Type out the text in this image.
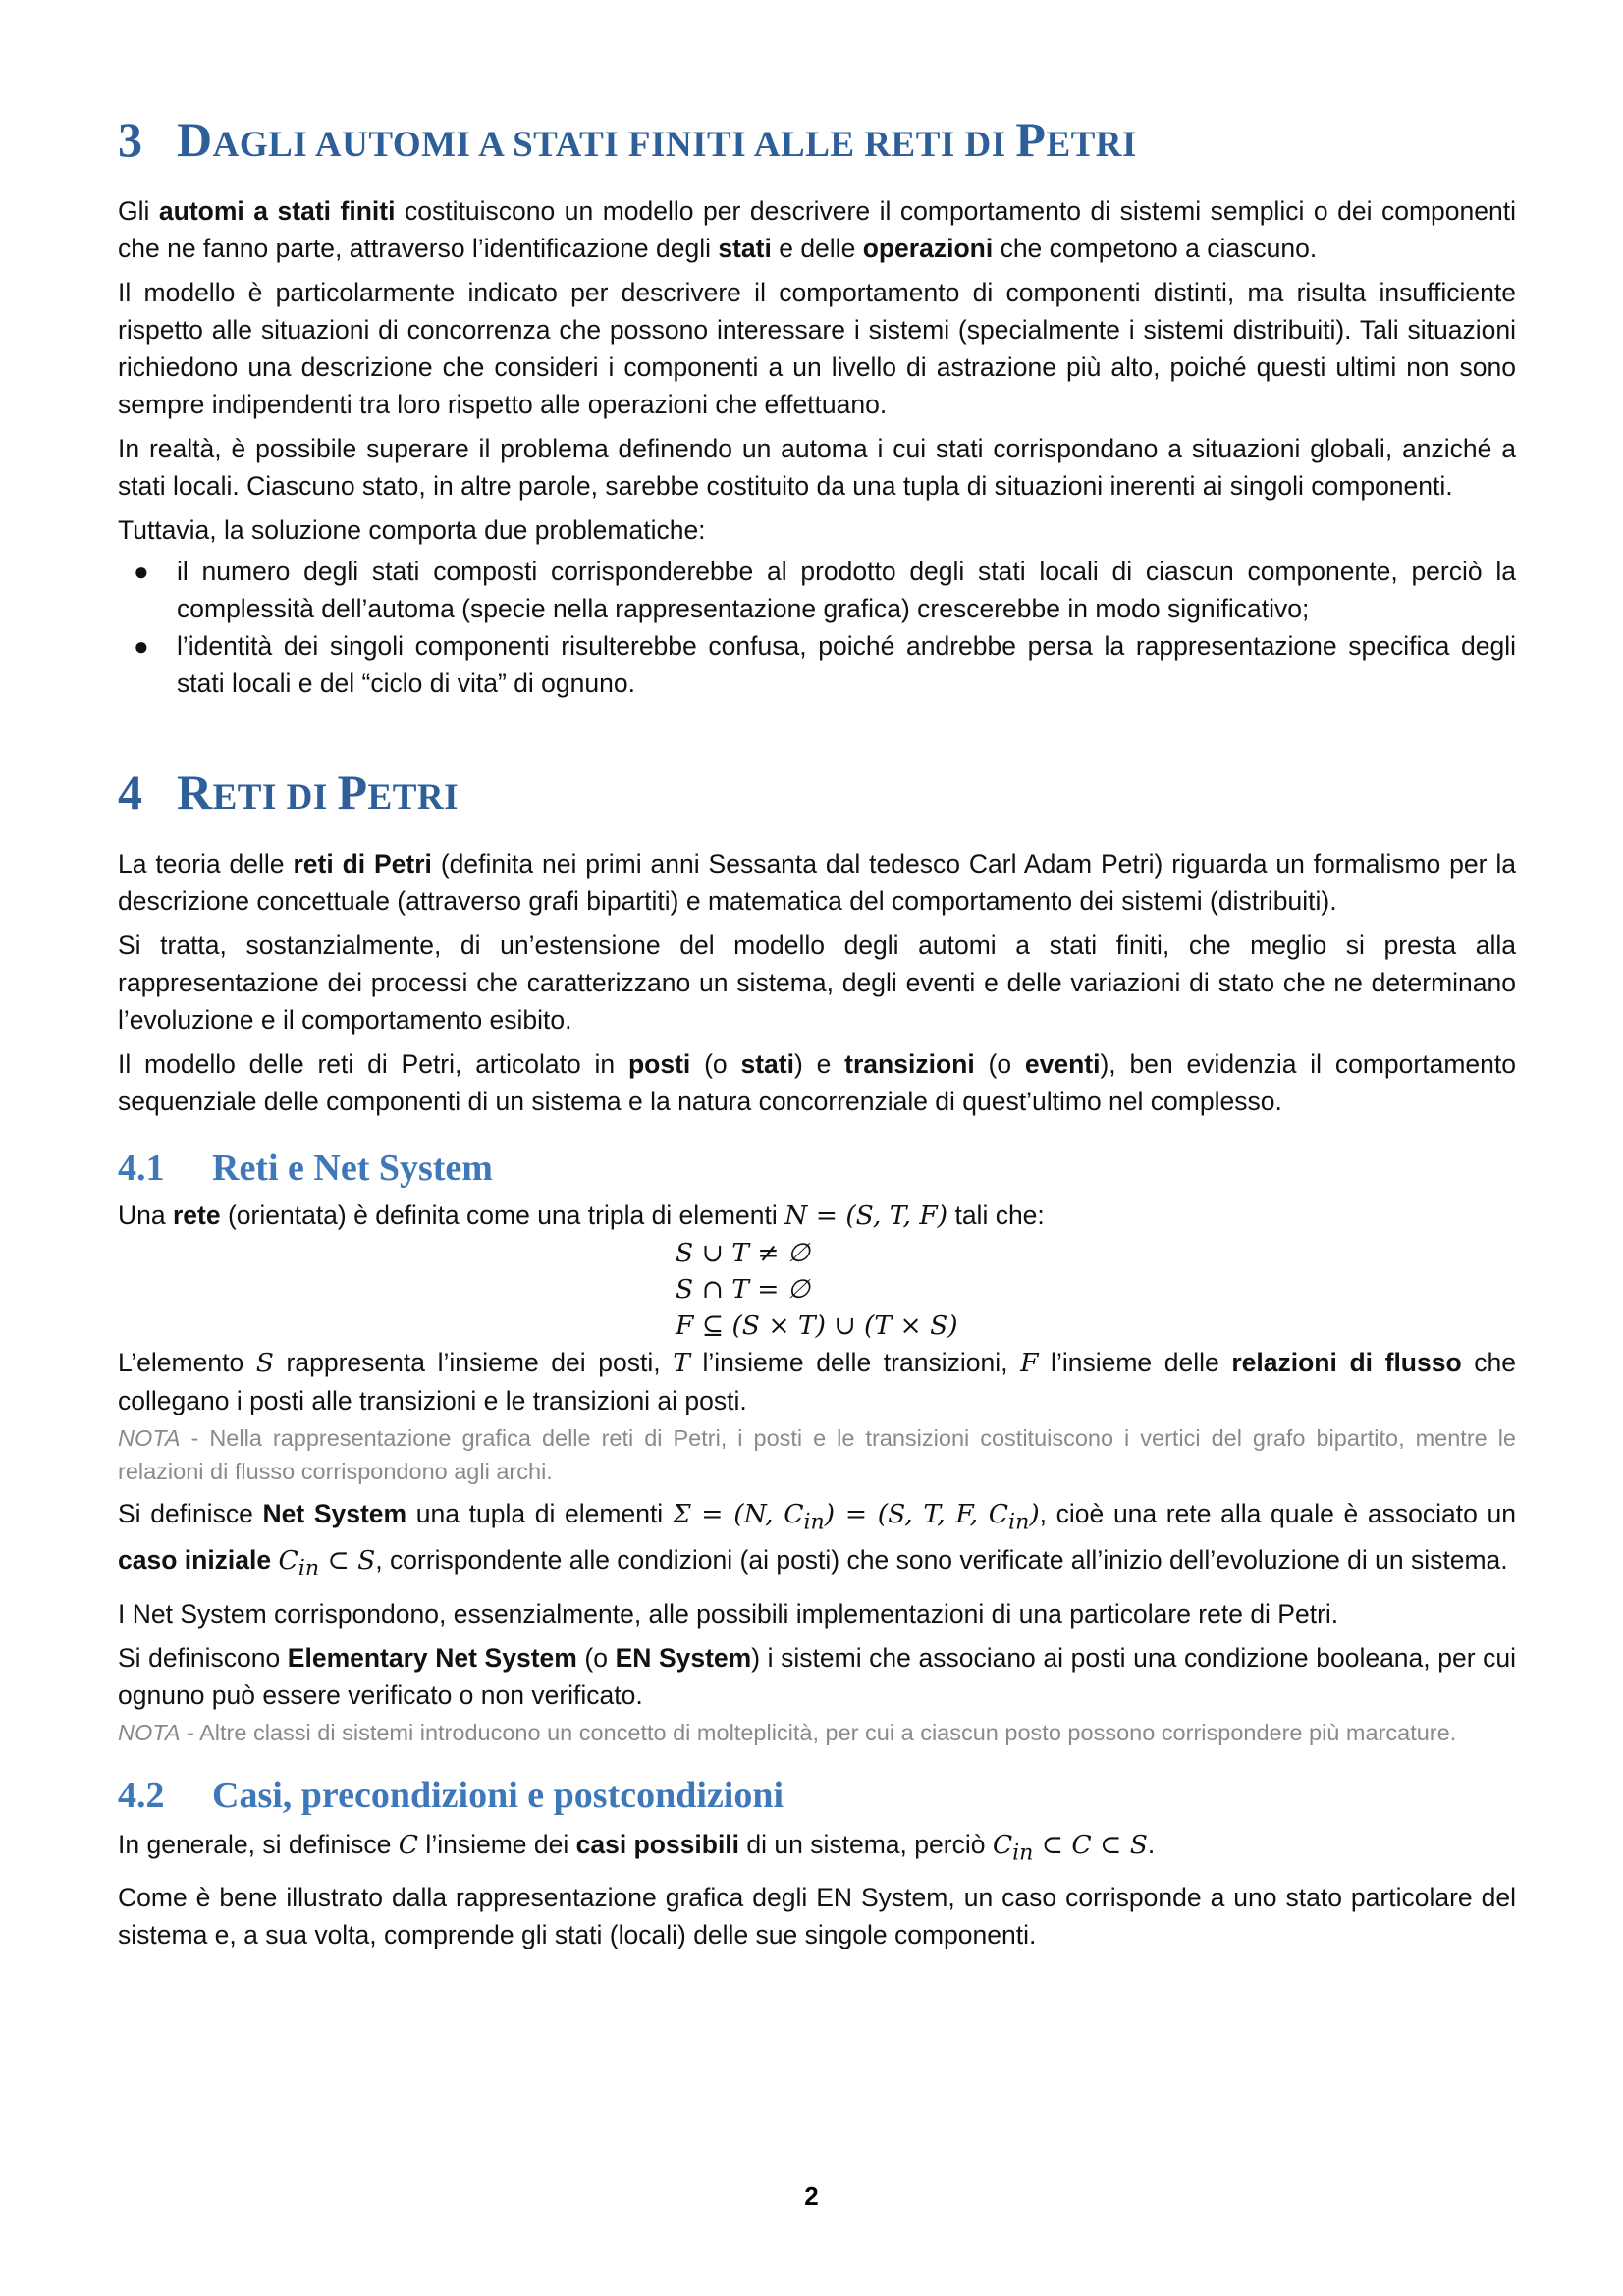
3 DAGLI AUTOMI A STATI FINITI ALLE RETI DI PETRI

Gli automi a stati finiti costituiscono un modello per descrivere il comportamento di sistemi semplici o dei componenti che ne fanno parte, attraverso l’identificazione degli stati e delle operazioni che competono a ciascuno.

Il modello è particolarmente indicato per descrivere il comportamento di componenti distinti, ma risulta insufficiente rispetto alle situazioni di concorrenza che possono interessare i sistemi (specialmente i sistemi distribuiti). Tali situazioni richiedono una descrizione che consideri i componenti a un livello di astrazione più alto, poiché questi ultimi non sono sempre indipendenti tra loro rispetto alle operazioni che effettuano.

In realtà, è possibile superare il problema definendo un automa i cui stati corrispondano a situazioni globali, anziché a stati locali. Ciascuno stato, in altre parole, sarebbe costituito da una tupla di situazioni inerenti ai singoli componenti.

Tuttavia, la soluzione comporta due problematiche:

● il numero degli stati composti corrisponderebbe al prodotto degli stati locali di ciascun componente, perciò la complessità dell’automa (specie nella rappresentazione grafica) crescerebbe in modo significativo;
● l’identità dei singoli componenti risulterebbe confusa, poiché andrebbe persa la rappresentazione specifica degli stati locali e del “ciclo di vita” di ognuno.
4 RETI DI PETRI

La teoria delle reti di Petri (definita nei primi anni Sessanta dal tedesco Carl Adam Petri) riguarda un formalismo per la descrizione concettuale (attraverso grafi bipartiti) e matematica del comportamento dei sistemi (distribuiti).

Si tratta, sostanzialmente, di un’estensione del modello degli automi a stati finiti, che meglio si presta alla rappresentazione dei processi che caratterizzano un sistema, degli eventi e delle variazioni di stato che ne determinano l’evoluzione e il comportamento esibito.

Il modello delle reti di Petri, articolato in posti (o stati) e transizioni (o eventi), ben evidenzia il comportamento sequenziale delle componenti di un sistema e la natura concorrenziale di quest’ultimo nel complesso.

4.1 Reti e Net System

Una rete (orientata) è definita come una tripla di elementi N = (S, T, F) tali che:

S ∪ T ≠ ∅
S ∩ T = ∅
F ⊆ (S × T) ∪ (T × S)

L’elemento S rappresenta l’insieme dei posti, T l’insieme delle transizioni, F l’insieme delle relazioni di flusso che collegano i posti alle transizioni e le transizioni ai posti.

NOTA - Nella rappresentazione grafica delle reti di Petri, i posti e le transizioni costituiscono i vertici del grafo bipartito, mentre le relazioni di flusso corrispondono agli archi.

Si definisce Net System una tupla di elementi Σ = (N, $C_{in}) = (S$, T, F, $C_{in}$), cioè una rete alla quale è associato un caso iniziale $C_{in}$ ⊂ S, corrispondente alle condizioni (ai posti) che sono verificate all’inizio dell’evoluzione di un sistema.

I Net System corrispondono, essenzialmente, alle possibili implementazioni di una particolare rete di Petri.

Si definiscono Elementary Net System (o EN System) i sistemi che associano ai posti una condizione booleana, per cui ognuno può essere verificato o non verificato.

NOTA - Altre classi di sistemi introducono un concetto di molteplicità, per cui a ciascun posto possono corrispondere più marcature.

4.2 Casi, precondizioni e postcondizioni

In generale, si definisce C l’insieme dei casi possibili di un sistema, perciò $C_{in}$ ⊂ C ⊂ S.

Come è bene illustrato dalla rappresentazione grafica degli EN System, un caso corrisponde a uno stato particolare del sistema e, a sua volta, comprende gli stati (locali) delle sue singole componenti.

2
